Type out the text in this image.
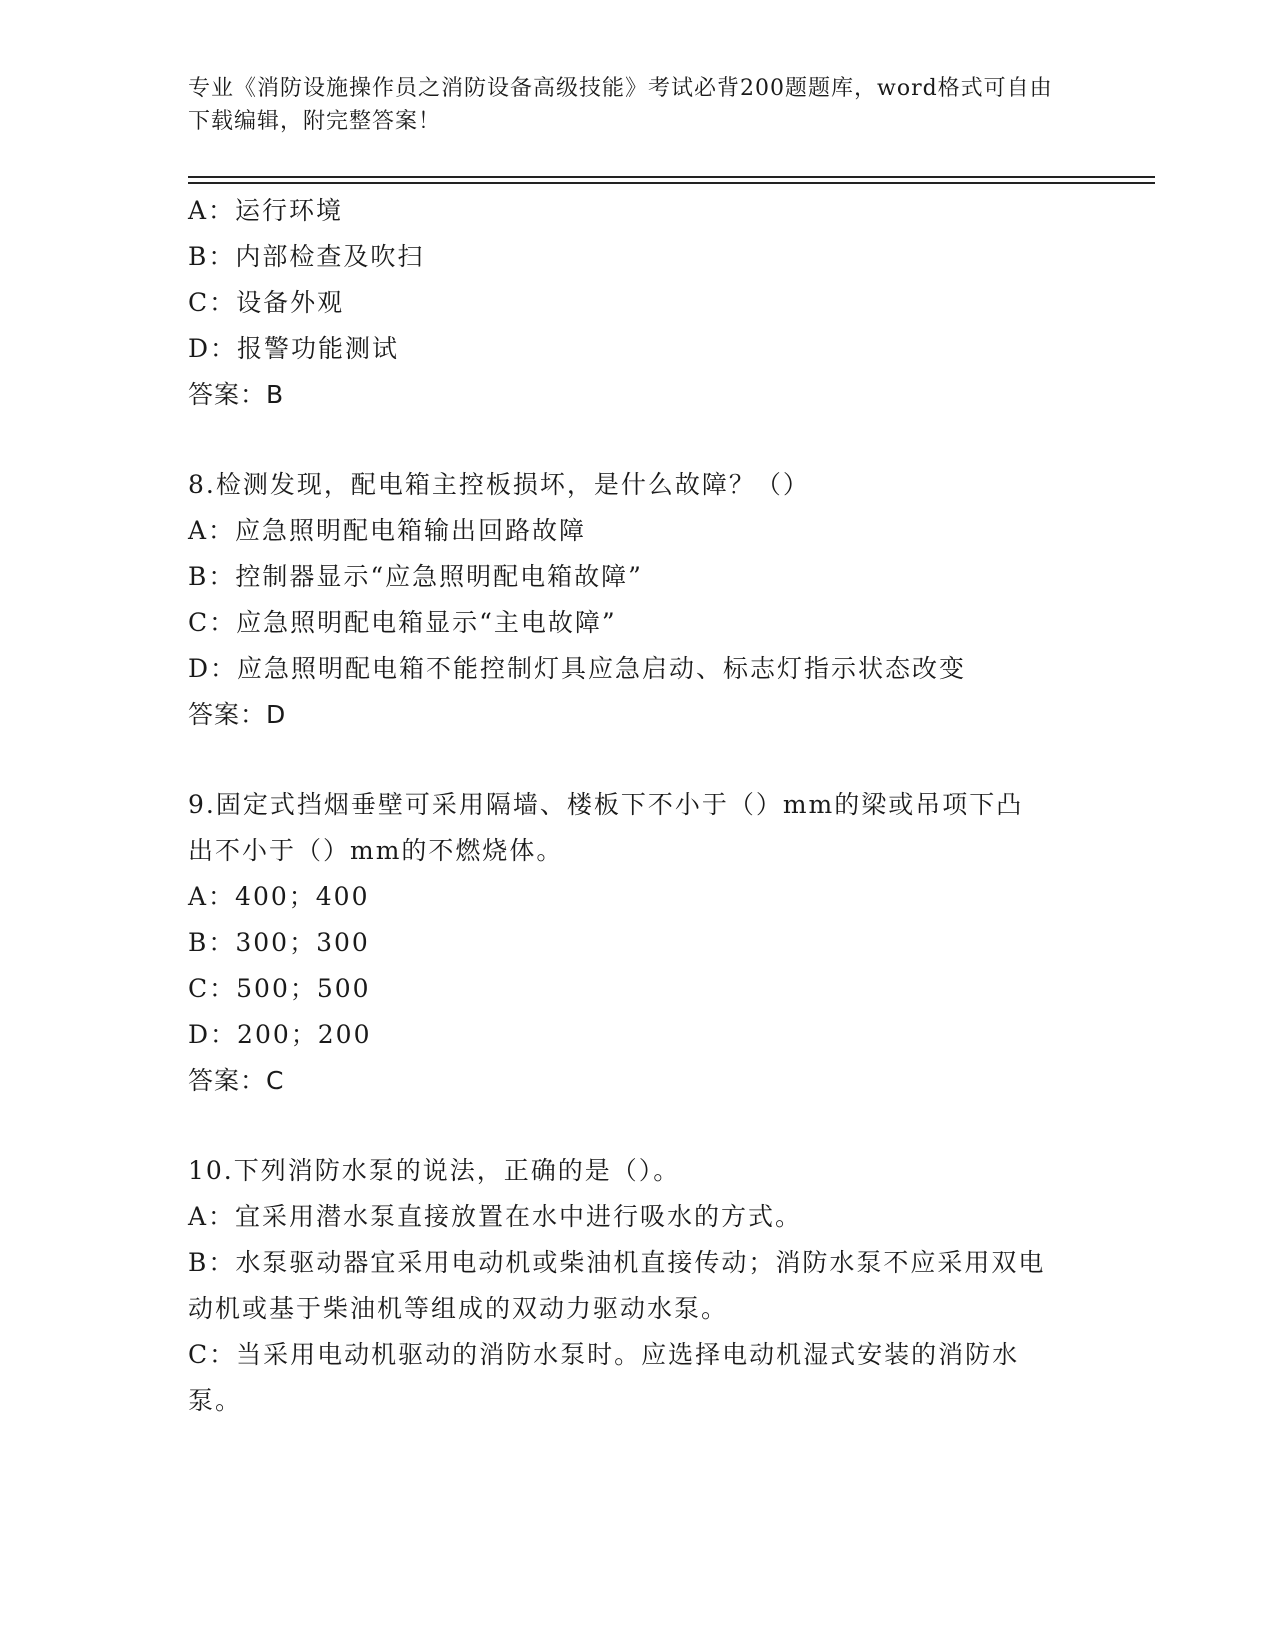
专业《消防设施操作员之消防设备高级技能》考试必背200题题库，word格式可自由下载编辑，附完整答案！
A：运行环境
B：内部检查及吹扫
C：设备外观
D：报警功能测试
答案：B
8.检测发现，配电箱主控板损坏，是什么故障？（）
A：应急照明配电箱输出回路故障
B：控制器显示“应急照明配电箱故障”
C：应急照明配电箱显示“主电故障”
D：应急照明配电箱不能控制灯具应急启动、标志灯指示状态改变
答案：D
9.固定式挡烟垂壁可采用隔墙、楼板下不小于（）mm的梁或吊项下凸出不小于（）mm的不燃烧体。
A：400；400
B：300；300
C：500；500
D：200；200
答案：C
10.下列消防水泵的说法，正确的是（）。
A：宜采用潜水泵直接放置在水中进行吸水的方式。
B：水泵驱动器宜采用电动机或柴油机直接传动；消防水泵不应采用双电动机或基于柴油机等组成的双动力驱动水泵。
C：当采用电动机驱动的消防水泵时。应选择电动机湿式安装的消防水泵。
